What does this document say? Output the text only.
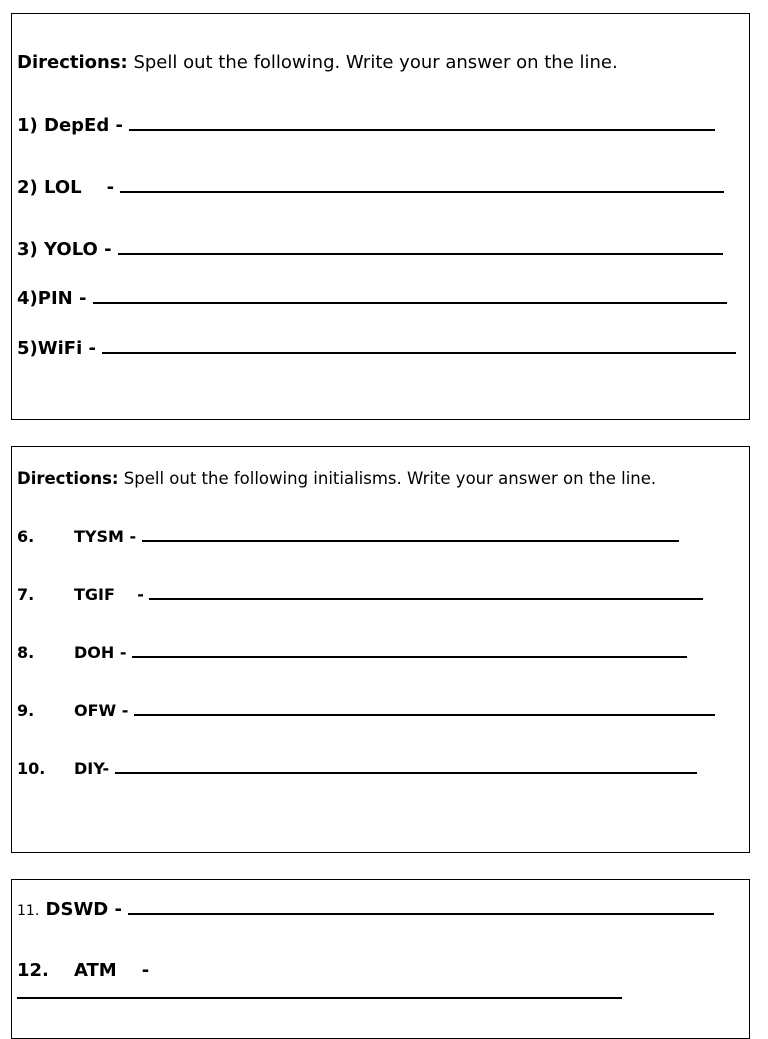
Directions: Spell out the following. Write your answer on the line.
1) DepEd -
2) LOL    -
3) YOLO -
4)PIN -
5)WiFi -
Directions: Spell out the following initialisms. Write your answer on the line.
6. TYSM -
7. TGIF    -
8. DOH -
9. OFW -
10. DIY-
11. DSWD -
12. ATM    -
